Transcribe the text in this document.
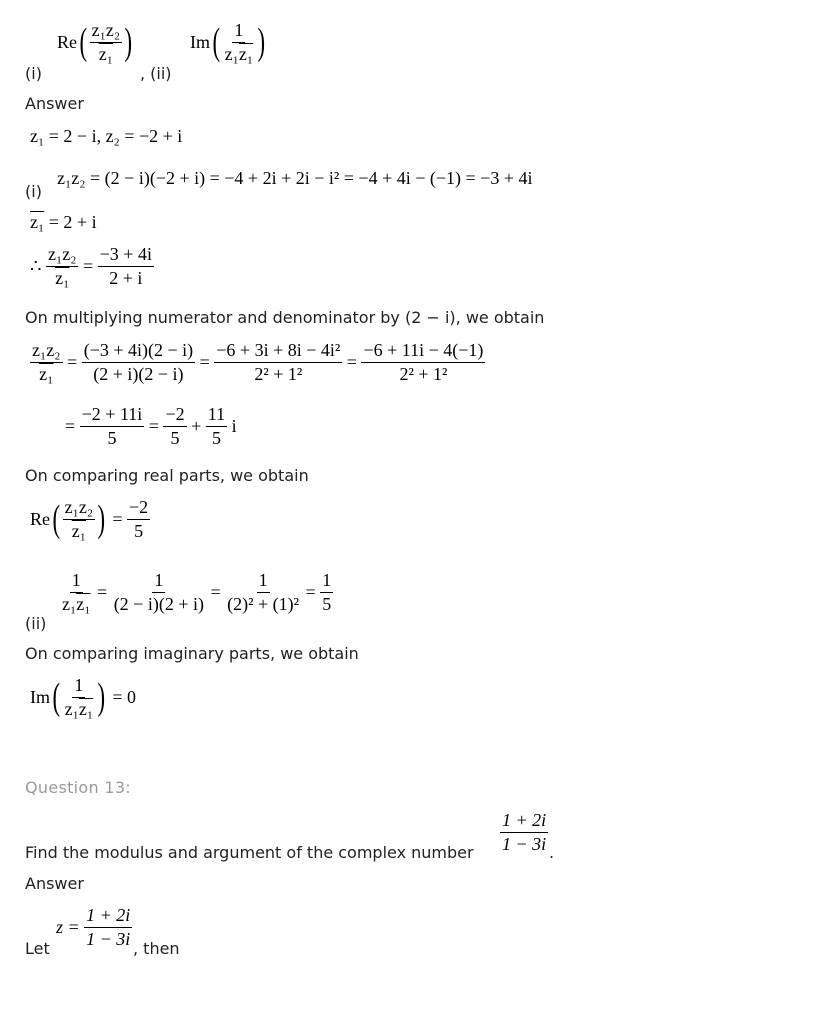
(i)
Re ( $\frac{\text{z₁z₂}}{\text{z₁}}$ )
, (ii)
Im ( $\frac{1}{\text{z₁z₁}}$ )
Answer
z₁ = 2 − i, z₂ = −2 + i
(i)
z₁z₂ = (2 − i)(−2 + i) = −4 + 2i + 2i − i² = −4 + 4i − (−1) = −3 + 4i
z₁ = 2 + i
∴
$\frac{\text{z₁z₂}}{\text{z₁}} = \frac{-3 + 4i}{2 + i}$
On multiplying numerator and denominator by (2 − i), we obtain
$\frac{\text{z₁z₂}}{\text{z₁}} = \frac{(-3 + 4i)(2 - i)}{(2 + i)(2 - i)} = \frac{\text{−6 + 3i + 8i − 4i²}}{\text{2² + 1²}} = \frac{-6 + 11i - 4(-1)}{\text{2² + 1²}}$
= $\frac{-2 + 11i}{5} = \frac{-2}{5} + \frac{11}{5}$ i
On comparing real parts, we obtain
Re ( $\frac{\text{z₁z₂}}{\text{z₁}}$ ) = $\frac{-2}{5}$
(ii)
$\frac{1}{\text{z₁z₁}} = \frac{1}{(2 - i)(2 + i)} = \frac{1}{\text{(2)² + (1)²}} = \frac{1}{5}$
On comparing imaginary parts, we obtain
Im ( $\frac{1}{\text{z₁z₁}}$ )
= 0
Question 13:
Find the modulus and argument of the complex number $\frac{1 + 2i}{1 - 3i}$ .
Answer
Let
z =
$\frac{1 + 2i}{1 - 3i}$ , then
